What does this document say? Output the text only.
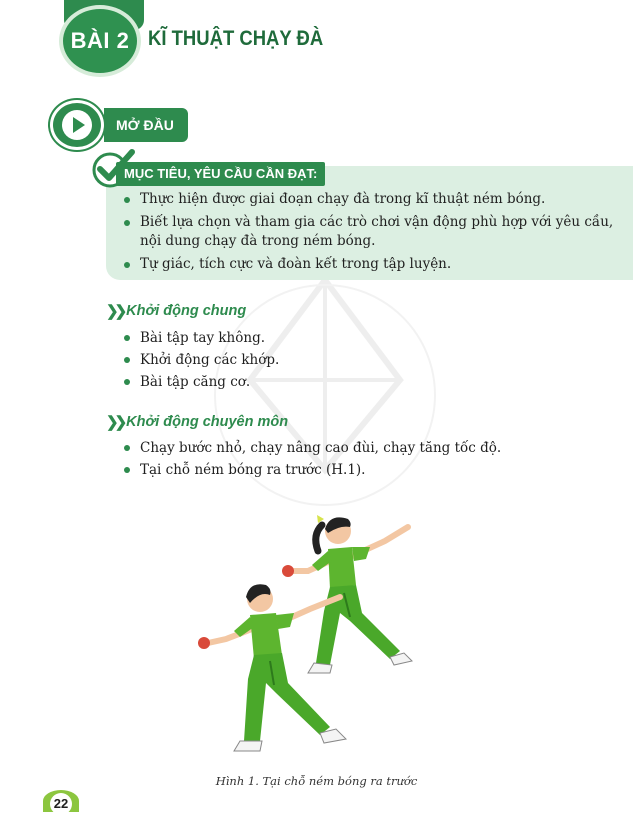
BÀI 2 KĨ THUẬT CHẠY ĐÀ
MỞ ĐẦU
MỤC TIÊU, YÊU CẦU CẦN ĐẠT:
Thực hiện được giai đoạn chạy đà trong kĩ thuật ném bóng.
Biết lựa chọn và tham gia các trò chơi vận động phù hợp với yêu cầu, nội dung chạy đà trong ném bóng.
Tự giác, tích cực và đoàn kết trong tập luyện.
❯❯ Khởi động chung
Bài tập tay không.
Khởi động các khớp.
Bài tập căng cơ.
❯❯ Khởi động chuyên môn
Chạy bước nhỏ, chạy nâng cao đùi, chạy tăng tốc độ.
Tại chỗ ném bóng ra trước (H.1).
Hình 1. Tại chỗ ném bóng ra trước
22
